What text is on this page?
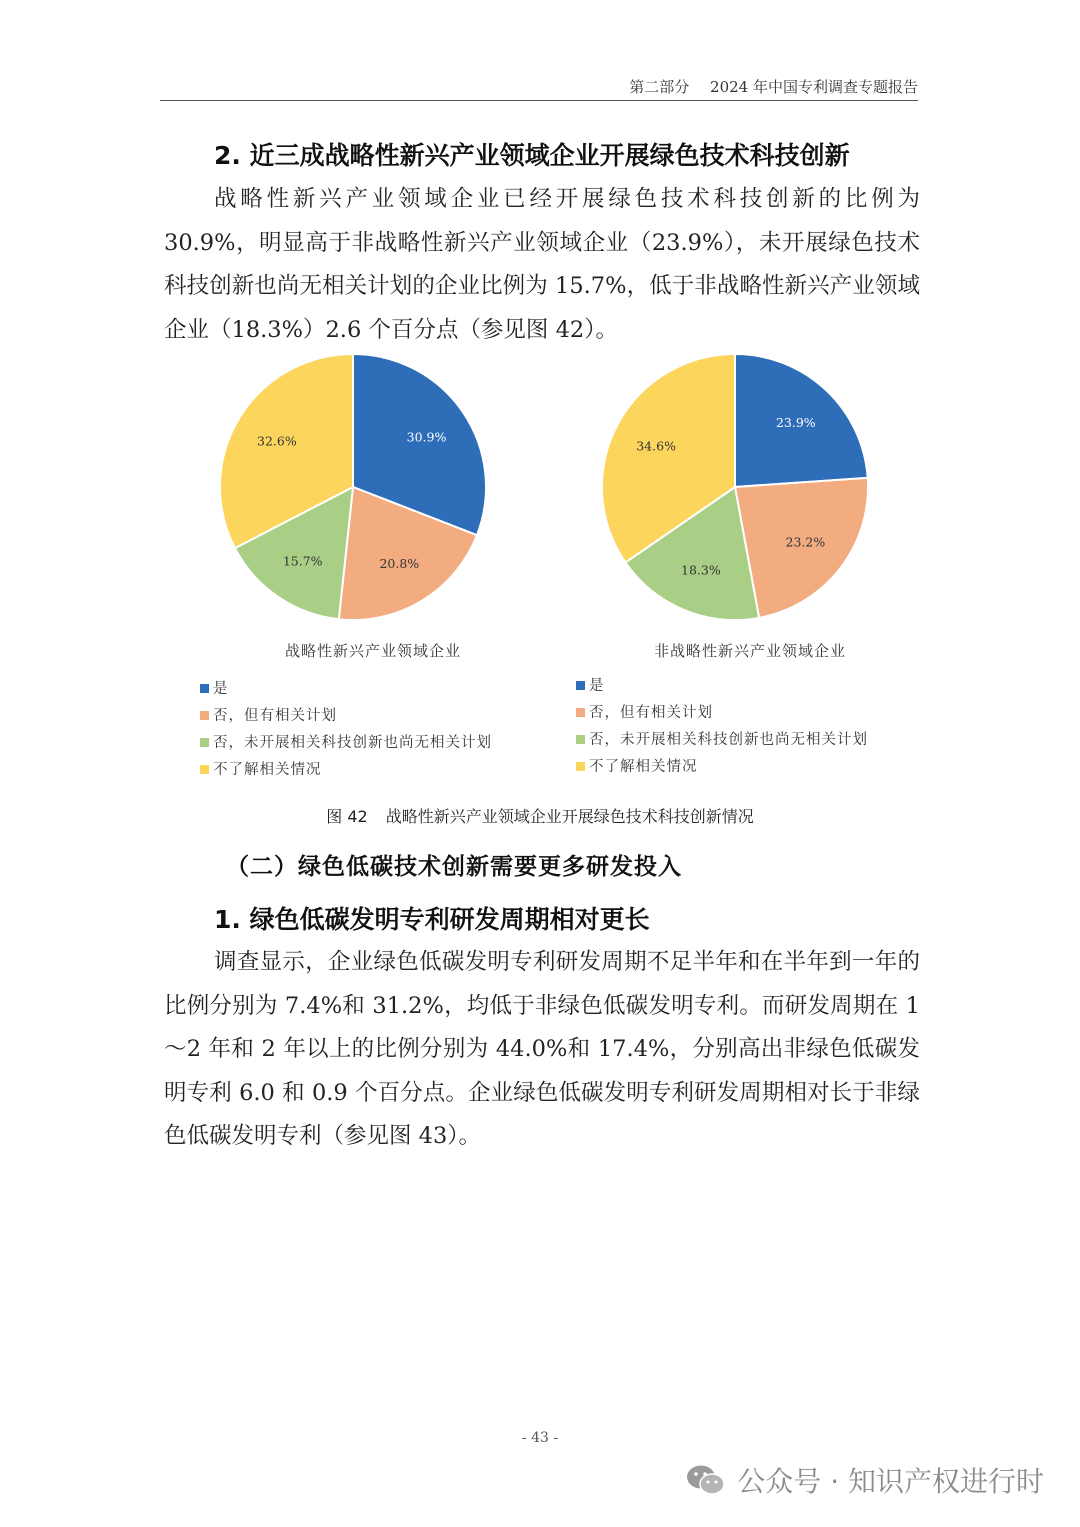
第二部分 2024 年中国专利调查专题报告
2. 近三成战略性新兴产业领域企业开展绿色技术科技创新

战略性新兴产业领域企业已经开展绿色技术科技创新的比例为 30.9%，明显高于非战略性新兴产业领域企业（23.9%），未开展绿色技术科技创新也尚无相关计划的企业比例为 15.7%，低于非战略性新兴产业领域企业（18.3%）2.6 个百分点（参见图 42）。

30.9%
20.8%
15.7%
32.6%
23.9%
23.2%
18.3%
34.6%
战略性新兴产业领域企业	非战略性新兴产业领域企业
是
否，但有相关计划
否，未开展相关科技创新也尚无相关计划
不了解相关情况
是
否，但有相关计划
否，未开展相关科技创新也尚无相关计划
不了解相关情况
图 42 战略性新兴产业领域企业开展绿色技术科技创新情况
（二）绿色低碳技术创新需要更多研发投入
1. 绿色低碳发明专利研发周期相对更长

调查显示，企业绿色低碳发明专利研发周期不足半年和在半年到一年的比例分别为 7.4%和 31.2%，均低于非绿色低碳发明专利。而研发周期在 1～2 年和 2 年以上的比例分别为 44.0%和 17.4%，分别高出非绿色低碳发明专利 6.0 和 0.9 个百分点。企业绿色低碳发明专利研发周期相对长于非绿色低碳发明专利（参见图 43）。

- 43 -
公众号 · 知识产权进行时
